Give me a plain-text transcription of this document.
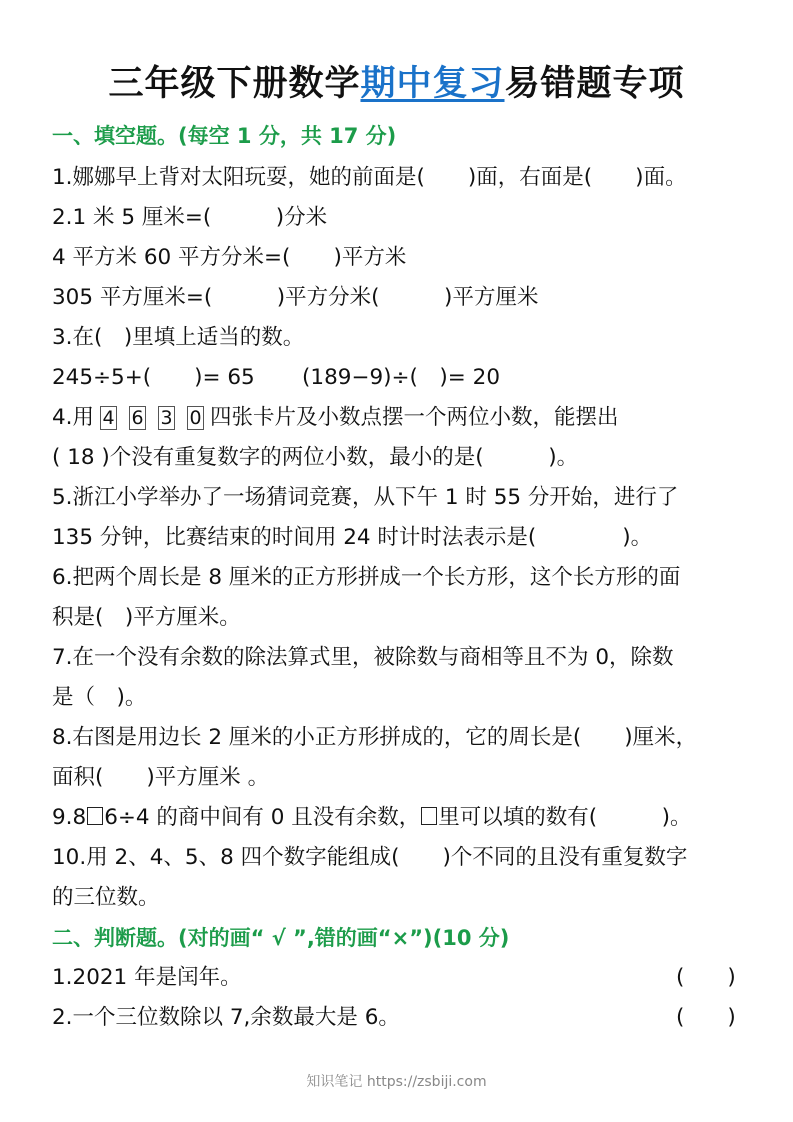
三年级下册数学期中复习易错题专项
一、填空题。(每空 1 分，共 17 分)
1.娜娜早上背对太阳玩耍，她的前面是(　　)面，右面是(　　)面。
2.1 米 5 厘米=(　　　)分米
4 平方米 60 平方分米=(　　)平方米
305 平方厘米=(　　　)平方分米(　　　)平方厘米
3.在(　)里填上适当的数。
245÷5+(　　)= 65 (189−9)÷(　)= 20
4.用 4 6 3 0 四张卡片及小数点摆一个两位小数，能摆出
( 18 )个没有重复数字的两位小数，最小的是(　　　)。
5.浙江小学举办了一场猜词竞赛，从下午 1 时 55 分开始，进行了
135 分钟，比赛结束的时间用 24 时计时法表示是(　　　　)。
6.把两个周长是 8 厘米的正方形拼成一个长方形，这个长方形的面
积是(　)平方厘米。
7.在一个没有余数的除法算式里，被除数与商相等且不为 0，除数
是（　)。
8.右图是用边长 2 厘米的小正方形拼成的，它的周长是(　　)厘米，
面积(　　)平方厘米 。
9.8 6÷4 的商中间有 0 且没有余数， 里可以填的数有(　　　)。
10.用 2、4、5、8 四个数字能组成(　　)个不同的且没有重复数字
的三位数。
二、判断题。(对的画“ √ ”,错的画“×”)(10 分)
1.2021 年是闰年。	(　　)
2.一个三位数除以 7,余数最大是 6。	(　　)
知识笔记 https://zsbiji.com
